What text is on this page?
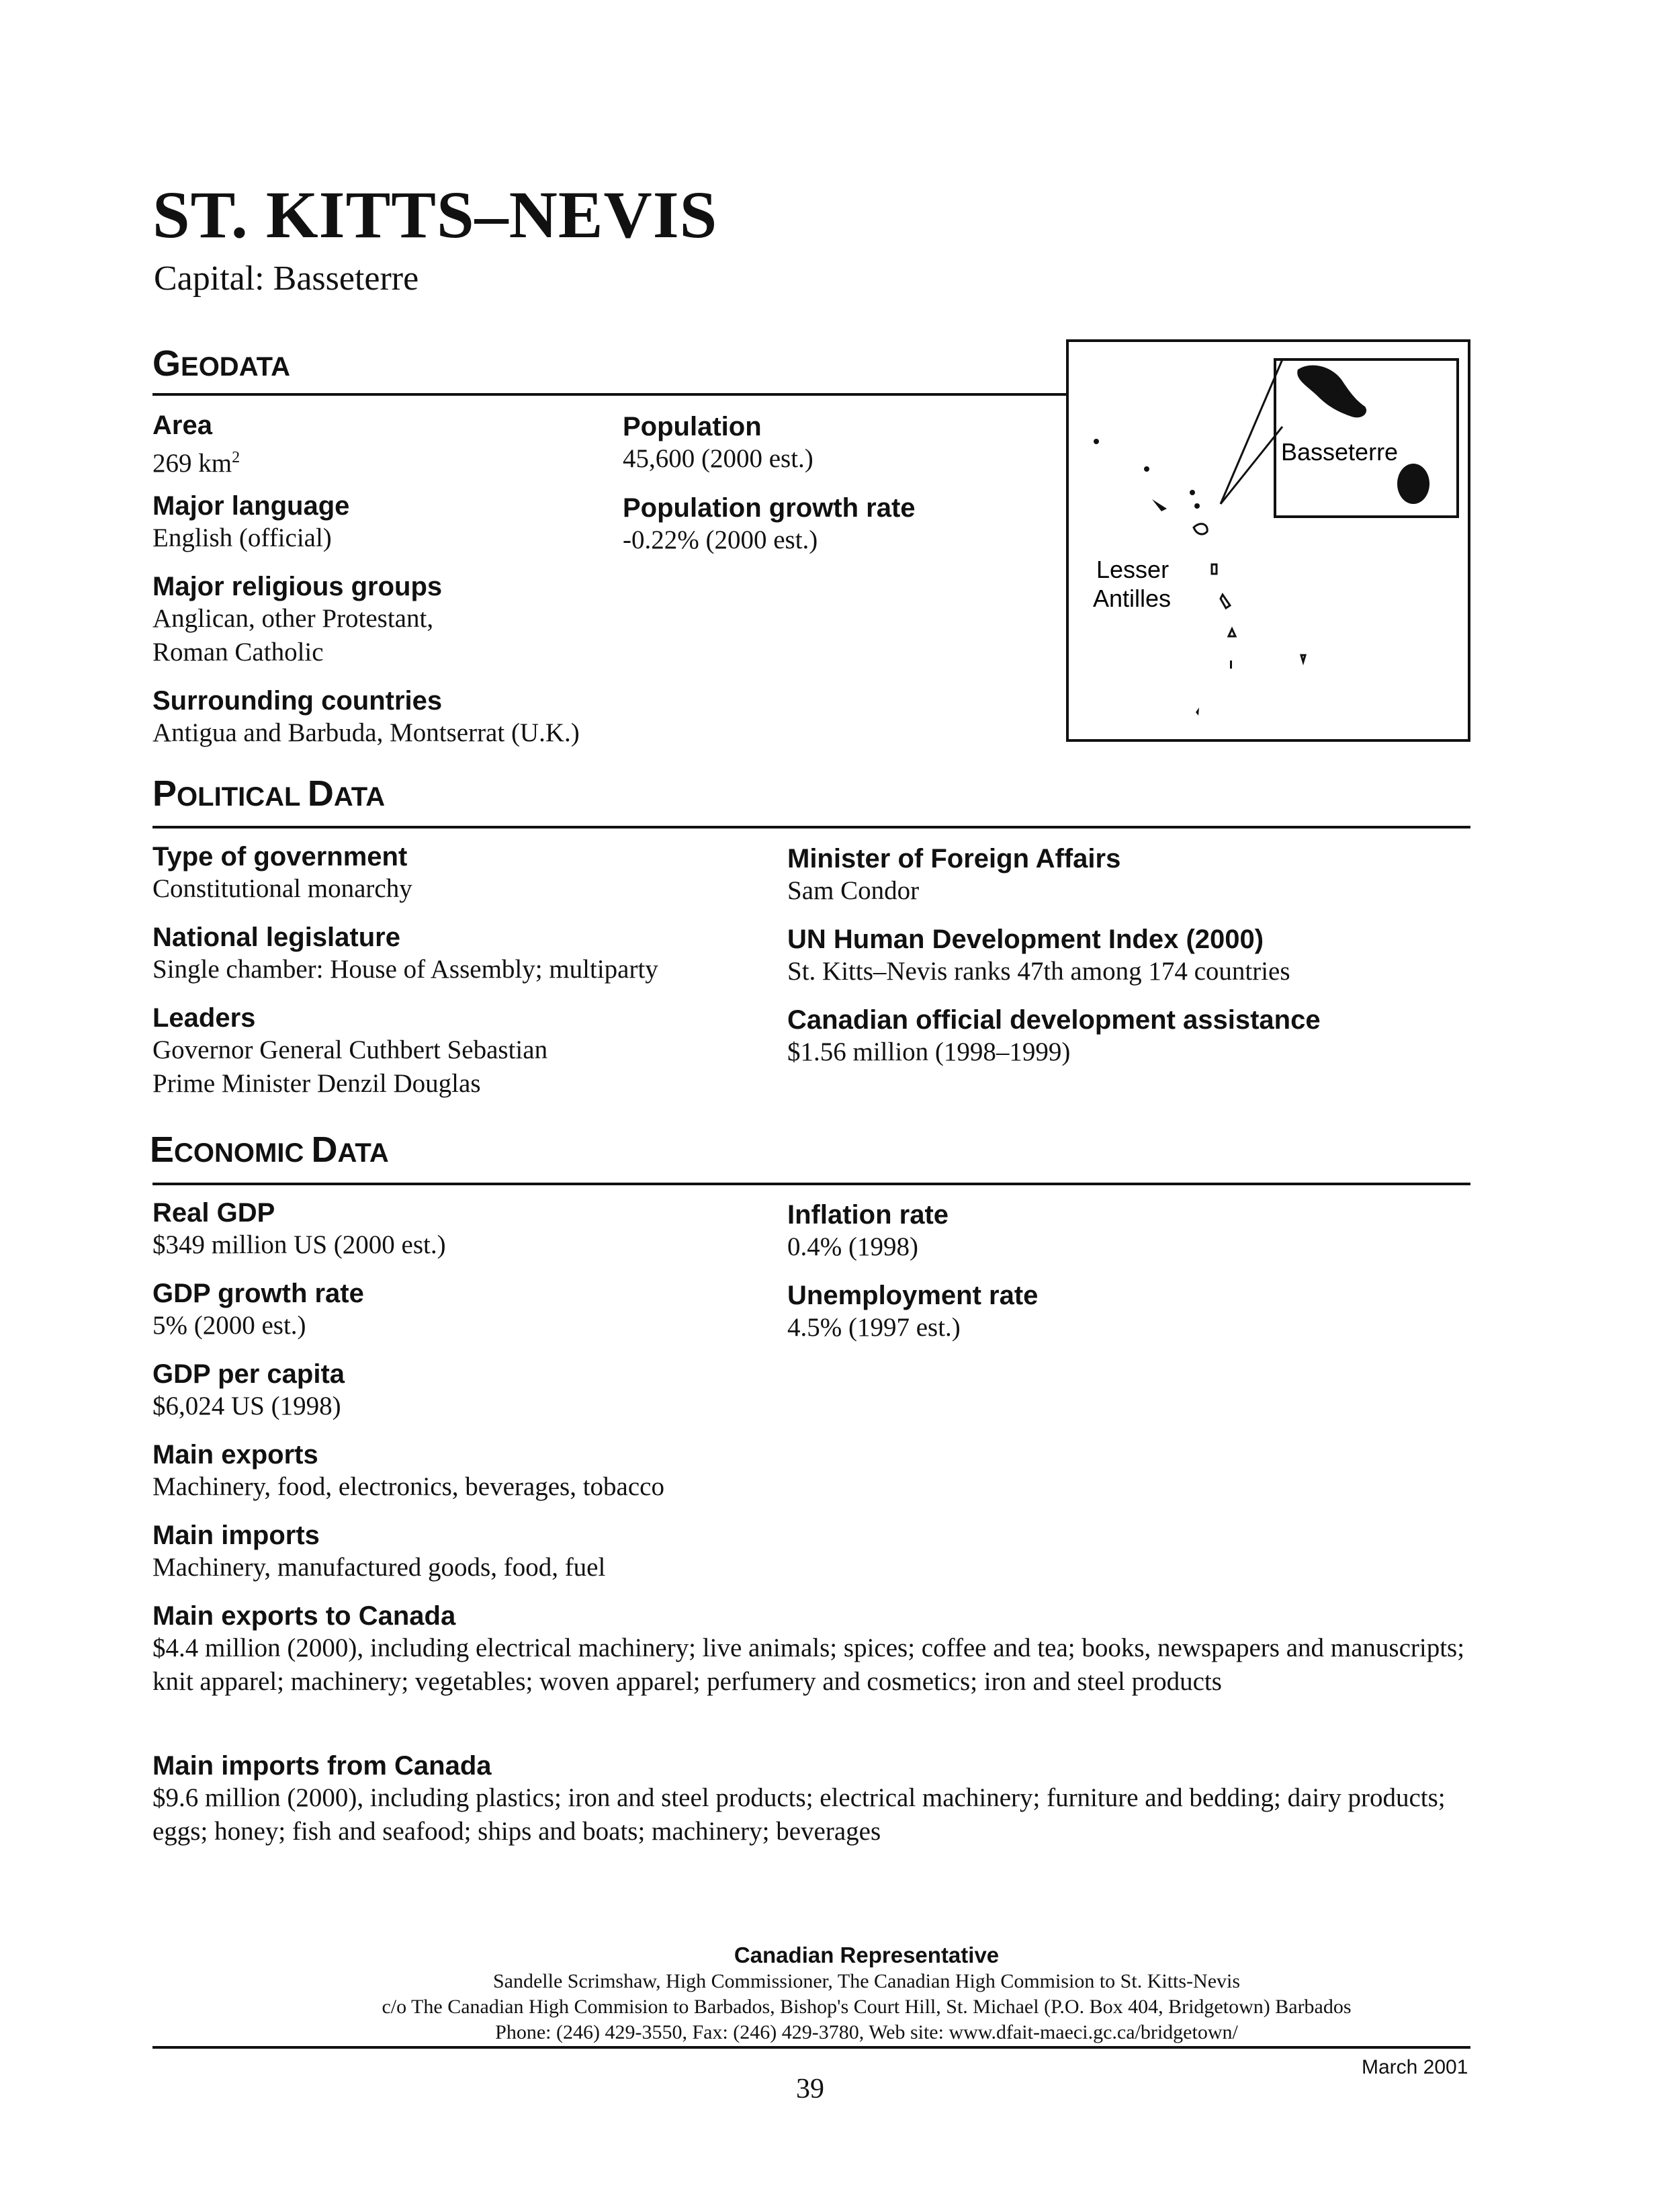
ST. KITTS–NEVIS
Capital: Basseterre
GEODATA
Area
269 $km^2$
Population
45,600 (2000 est.)
Major language
English (official)
Population growth rate
-0.22% (2000 est.)
Major religious groups
Anglican, other Protestant,
Roman Catholic
Surrounding countries
Antigua and Barbuda, Montserrat (U.K.)
Basseterre
Lesser
Antilles
POLITICAL DATA
Type of government
Constitutional monarchy
National legislature
Single chamber: House of Assembly; multiparty
Leaders
Governor General Cuthbert Sebastian
Prime Minister Denzil Douglas
Minister of Foreign Affairs
Sam Condor
UN Human Development Index (2000)
St. Kitts–Nevis ranks 47th among 174 countries
Canadian official development assistance
$1.56 million (1998–1999)
ECONOMIC DATA
Real GDP
$349 million US (2000 est.)
GDP growth rate
5% (2000 est.)
GDP per capita
$6,024 US (1998)
Main exports
Machinery, food, electronics, beverages, tobacco
Main imports
Machinery, manufactured goods, food, fuel
Inflation rate
0.4% (1998)
Unemployment rate
4.5% (1997 est.)
Main exports to Canada
$4.4 million (2000), including electrical machinery; live animals; spices; coffee and tea; books, newspapers and manuscripts; knit apparel; machinery; vegetables; woven apparel; perfumery and cosmetics; iron and steel products
Main imports from Canada
$9.6 million (2000), including plastics; iron and steel products; electrical machinery; furniture and bedding; dairy products; eggs; honey; fish and seafood; ships and boats; machinery; beverages
Canadian Representative
Sandelle Scrimshaw, High Commissioner, The Canadian High Commision to St. Kitts-Nevis
c/o The Canadian High Commision to Barbados, Bishop's Court Hill, St. Michael (P.O. Box 404, Bridgetown) Barbados
Phone: (246) 429-3550, Fax: (246) 429-3780, Web site: www.dfait-maeci.gc.ca/bridgetown/
March 2001
39
